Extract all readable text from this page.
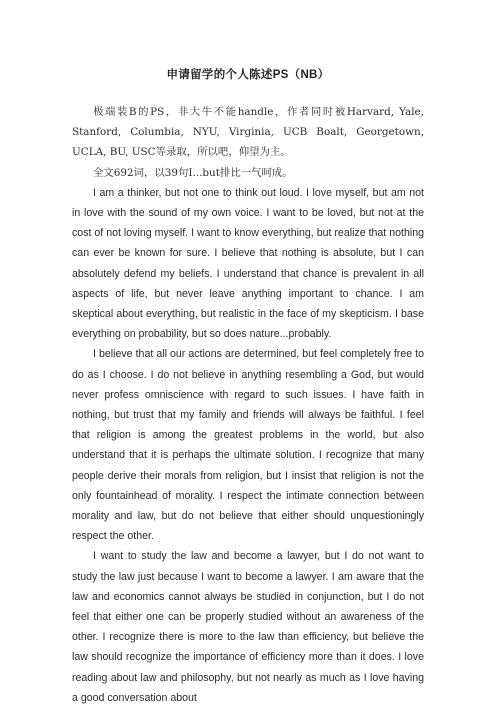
申请留学的个人陈述PS（NB）

极端装B的PS，非大牛不能handle，作者同时被Harvard, Yale, Stanford, Columbia, NYU, Virginia, UCB Boalt, Georgetown, UCLA, BU, USC等录取，所以吧，仰望为主。

全文692词，以39句I...but排比一气呵成。

I am a thinker, but not one to think out loud. I love myself, but am not in love with the sound of my own voice. I want to be loved, but not at the cost of not loving myself. I want to know everything, but realize that nothing can ever be known for sure. I believe that nothing is absolute, but I can absolutely defend my beliefs. I understand that chance is prevalent in all aspects of life, but never leave anything important to chance. I am skeptical about everything, but realistic in the face of my skepticism. I base everything on probability, but so does nature...probably.

I believe that all our actions are determined, but feel completely free to do as I choose. I do not believe in anything resembling a God, but would never profess omniscience with regard to such issues. I have faith in nothing, but trust that my family and friends will always be faithful. I feel that religion is among the greatest problems in the world, but also understand that it is perhaps the ultimate solution. I recognize that many people derive their morals from religion, but I insist that religion is not the only fountainhead of morality. I respect the intimate connection between morality and law, but do not believe that either should unquestioningly respect the other.

I want to study the law and become a lawyer, but I do not want to study the law just because I want to become a lawyer. I am aware that the law and economics cannot always be studied in conjunction, but I do not feel that either one can be properly studied without an awareness of the other. I recognize there is more to the law than efficiency, but believe the law should recognize the importance of efficiency more than it does. I love reading about law and philosophy, but not nearly as much as I love having a good conversation about
